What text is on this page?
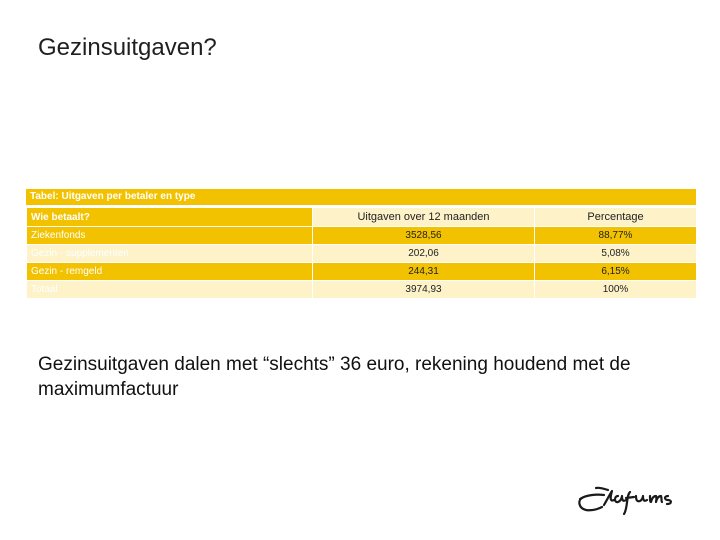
Gezinsuitgaven?
Tabel: Uitgaven per betaler en type
Wie betaalt?	Uitgaven over 12 maanden	Percentage
Ziekenfonds	3528,56	88,77%
Gezin - supplementen	202,06	5,08%
Gezin - remgeld	244,31	6,15%
Totaal	3974,93	100%
Gezinsuitgaven dalen met “slechts” 36 euro, rekening houdend met de maximumfactuur
